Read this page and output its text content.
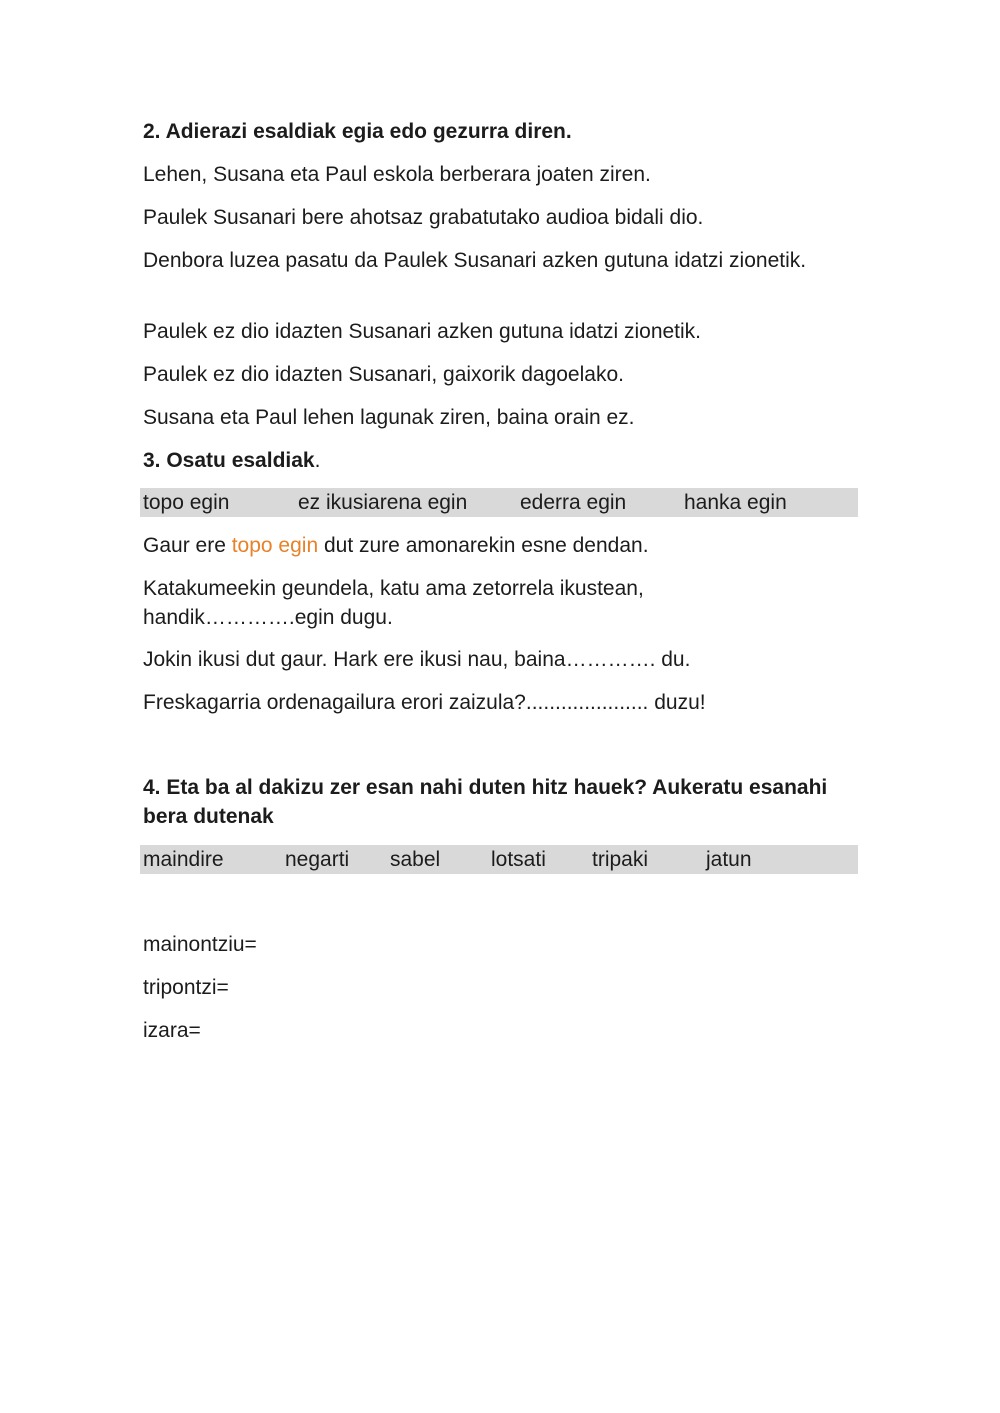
2. Adierazi esaldiak egia edo gezurra diren.

Lehen, Susana eta Paul eskola berberara joaten ziren.

Paulek Susanari bere ahotsaz grabatutako audioa bidali dio.

Denbora luzea pasatu da Paulek Susanari azken gutuna idatzi zionetik.

Paulek ez dio idazten Susanari azken gutuna idatzi zionetik.

Paulek ez dio idazten Susanari, gaixorik dagoelako.

Susana eta Paul lehen lagunak ziren, baina orain ez.

3. Osatu esaldiak.

topo egin	ez ikusiarena egin	ederra egin	hanka egin

Gaur ere topo egin dut zure amonarekin esne dendan.

Katakumeekin geundela, katu ama zetorrela ikustean, handik………….egin dugu.

Jokin ikusi dut gaur. Hark ere ikusi nau, baina…………. du.

Freskagarria ordenagailura erori zaizula?..................... duzu!

4. Eta ba al dakizu zer esan nahi duten hitz hauek? Aukeratu esanahi bera dutenak

maindire	negarti sabel lotsati tripaki	jatun

mainontziu=

tripontzi=

izara=
